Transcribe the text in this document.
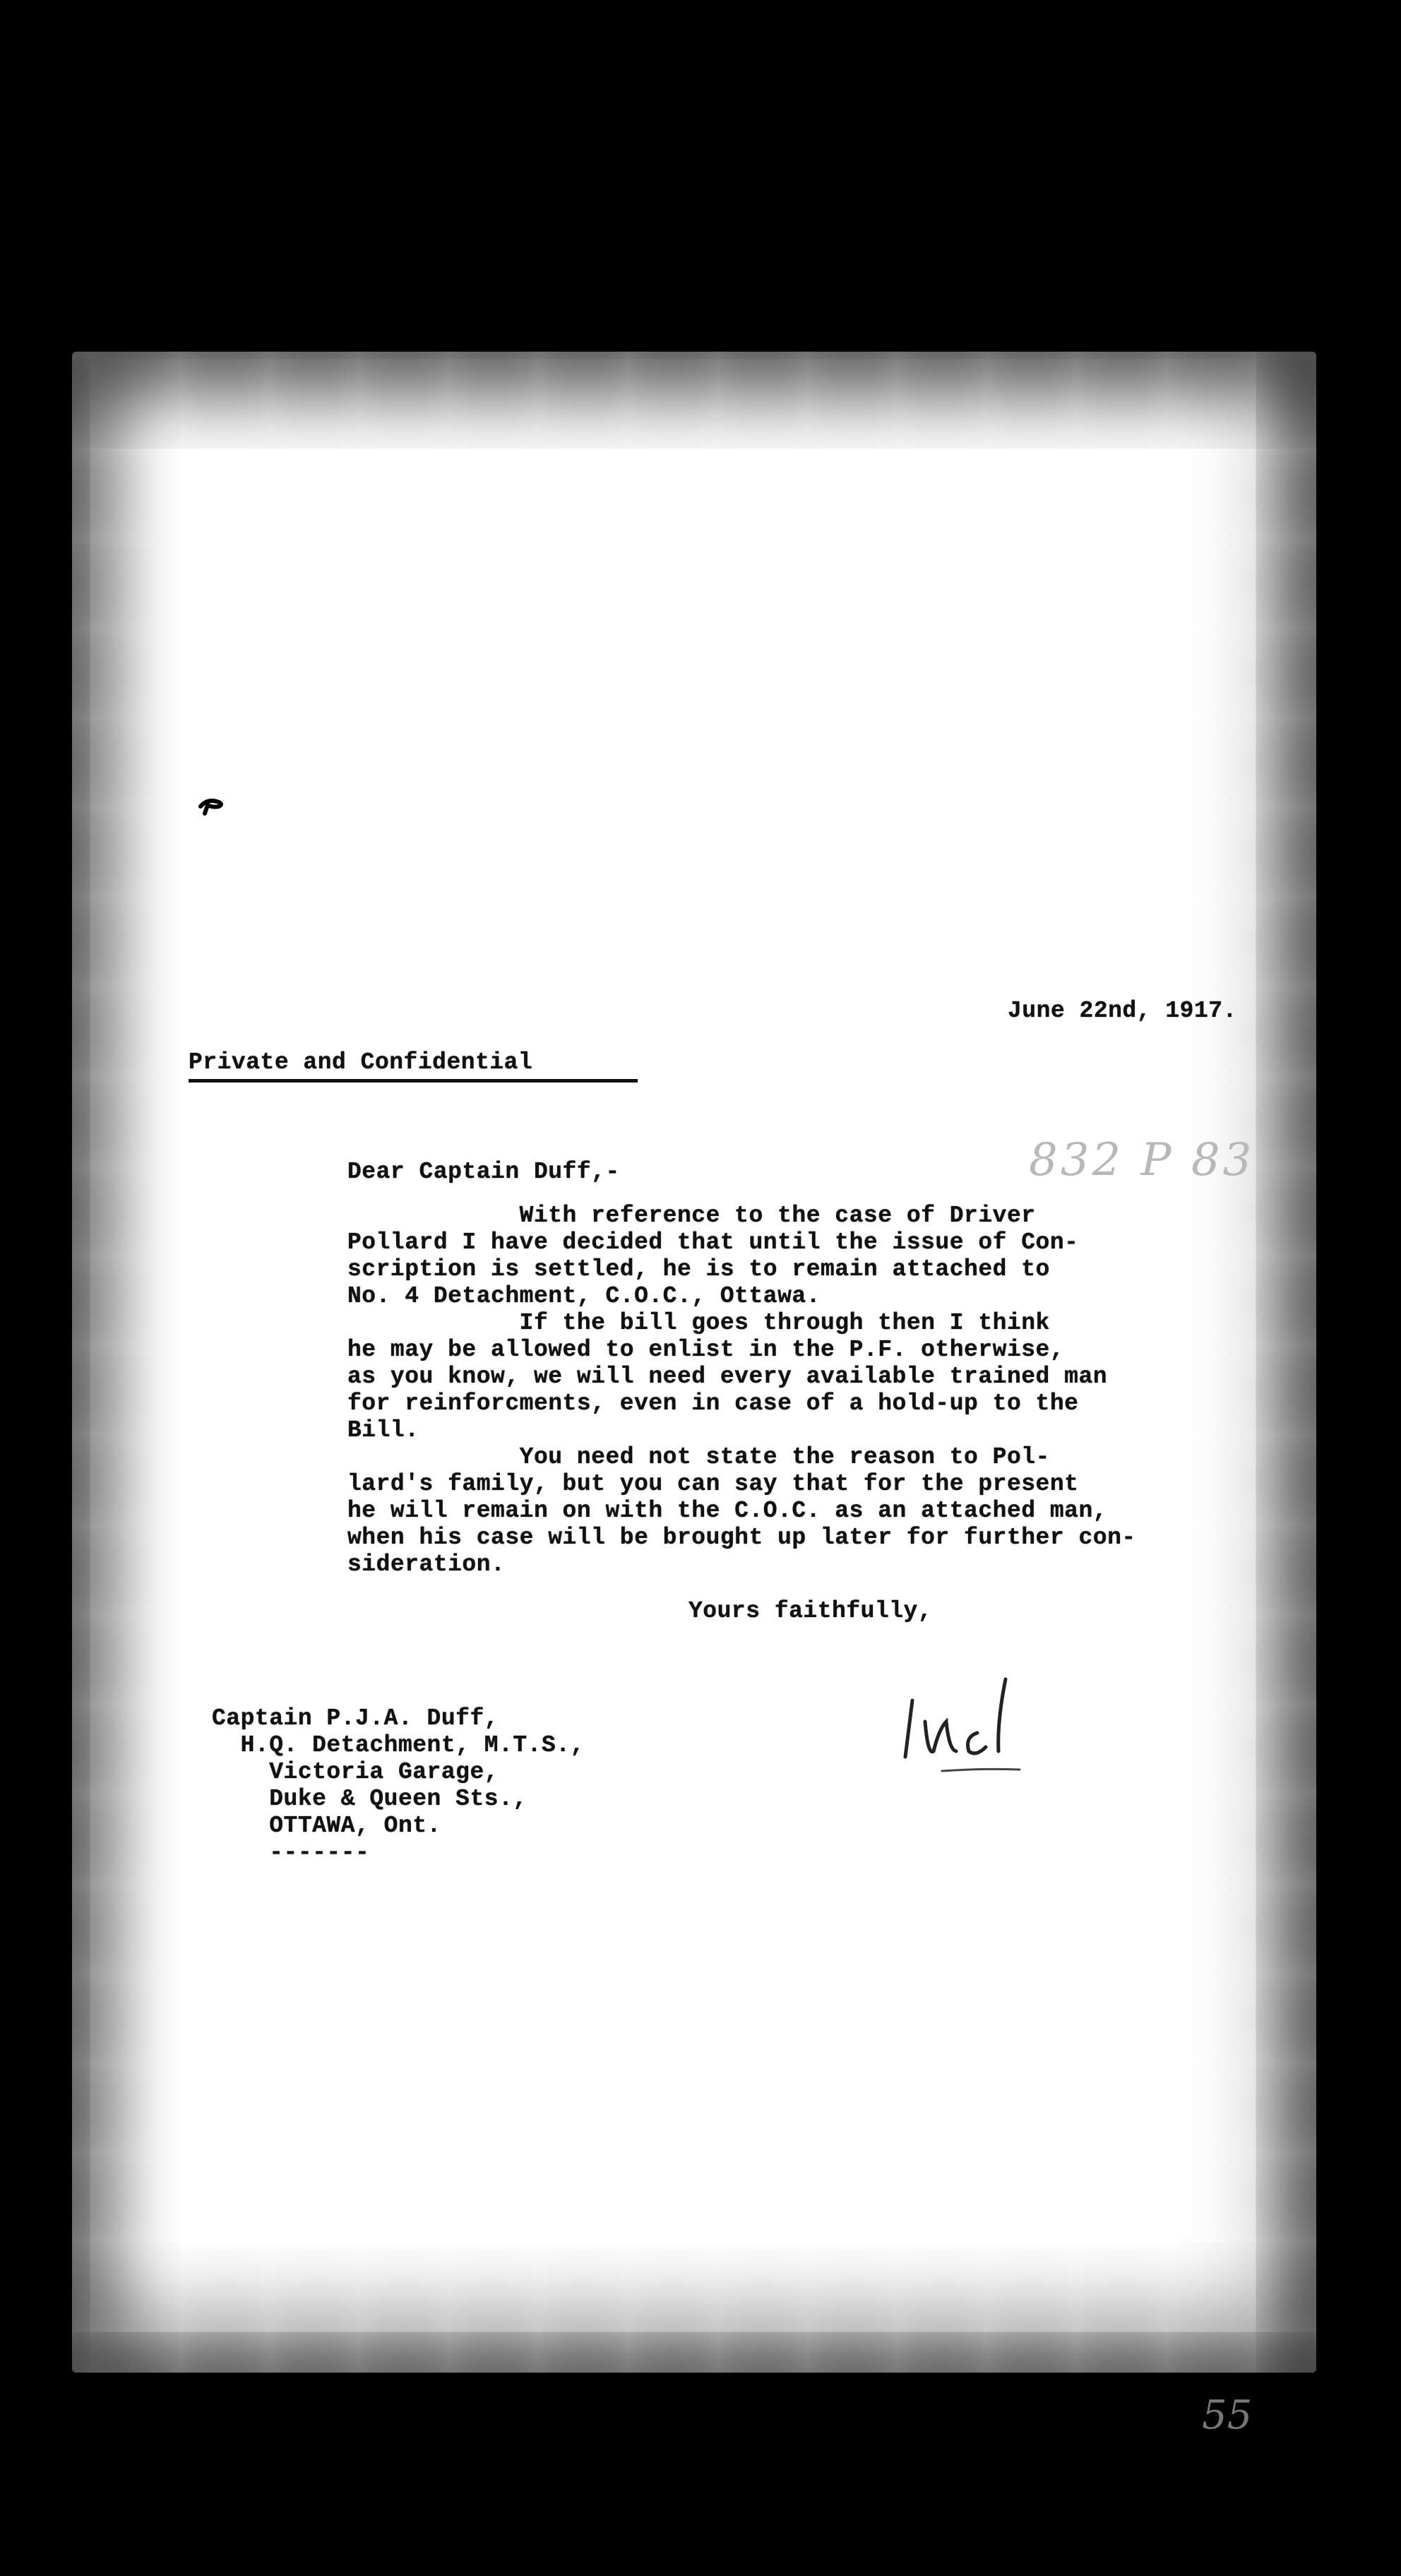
June 22nd, 1917.
Private and Confidential
832 P 83
Dear Captain Duff,-
With reference to the case of Driver
Pollard I have decided that until the issue of Con-
scription is settled, he is to remain attached to
No. 4 Detachment, C.O.C., Ottawa.
If the bill goes through then I think
he may be allowed to enlist in the P.F. otherwise,
as you know, we will need every available trained man
for reinforcments, even in case of a hold-up to the
Bill.
You need not state the reason to Pol-
lard's family, but you can say that for the present
he will remain on with the C.O.C. as an attached man,
when his case will be brought up later for further con-
sideration.
Yours faithfully,
Captain P.J.A. Duff,
H.Q. Detachment, M.T.S.,
Victoria Garage,
Duke & Queen Sts.,
OTTAWA, Ont.
-------
55
